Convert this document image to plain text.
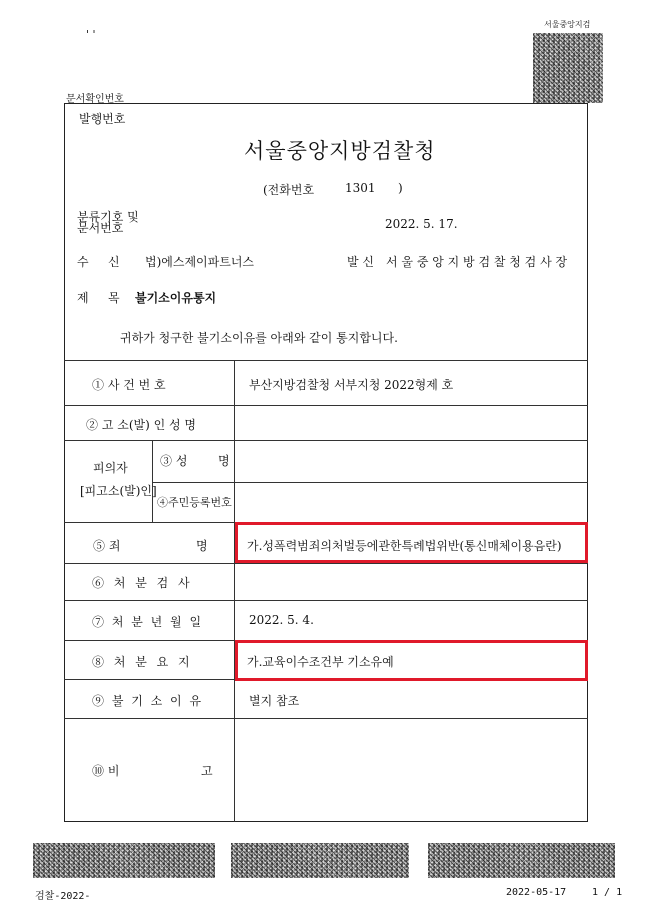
' '
서울중앙지검
문서확인번호
발행번호
서울중앙지방검찰청
(전화번호	1301 )
분류기호 및
문서번호	2022. 5. 17.
수 신 법)에스제이파트너스	발 신 서 울 중 앙 지 방 검 찰 청 검 사 장
제 목 불기소이유통지
귀하가 청구한 불기소이유를 아래와 같이 통지합니다.
① 사 건 번 호	부산지방검찰청 서부지청 2022형제 호
② 고 소(발) 인 성 명
피의자
[피고소(발)인]
③ 성	명
④주민등록번호
⑤ 죄	명	가.성폭력범죄의처벌등에관한특례법위반(통신매체이용음란)
⑥ 처 분 검 사
⑦ 처 분 년 월 일	2022. 5. 4.
⑧ 처 분 요 지	가.교육이수조건부 기소유예
⑨ 불 기 소 이 유	별지 참조
⑩ 비	고
검찰-2022-	2022-05-17	1 / 1
